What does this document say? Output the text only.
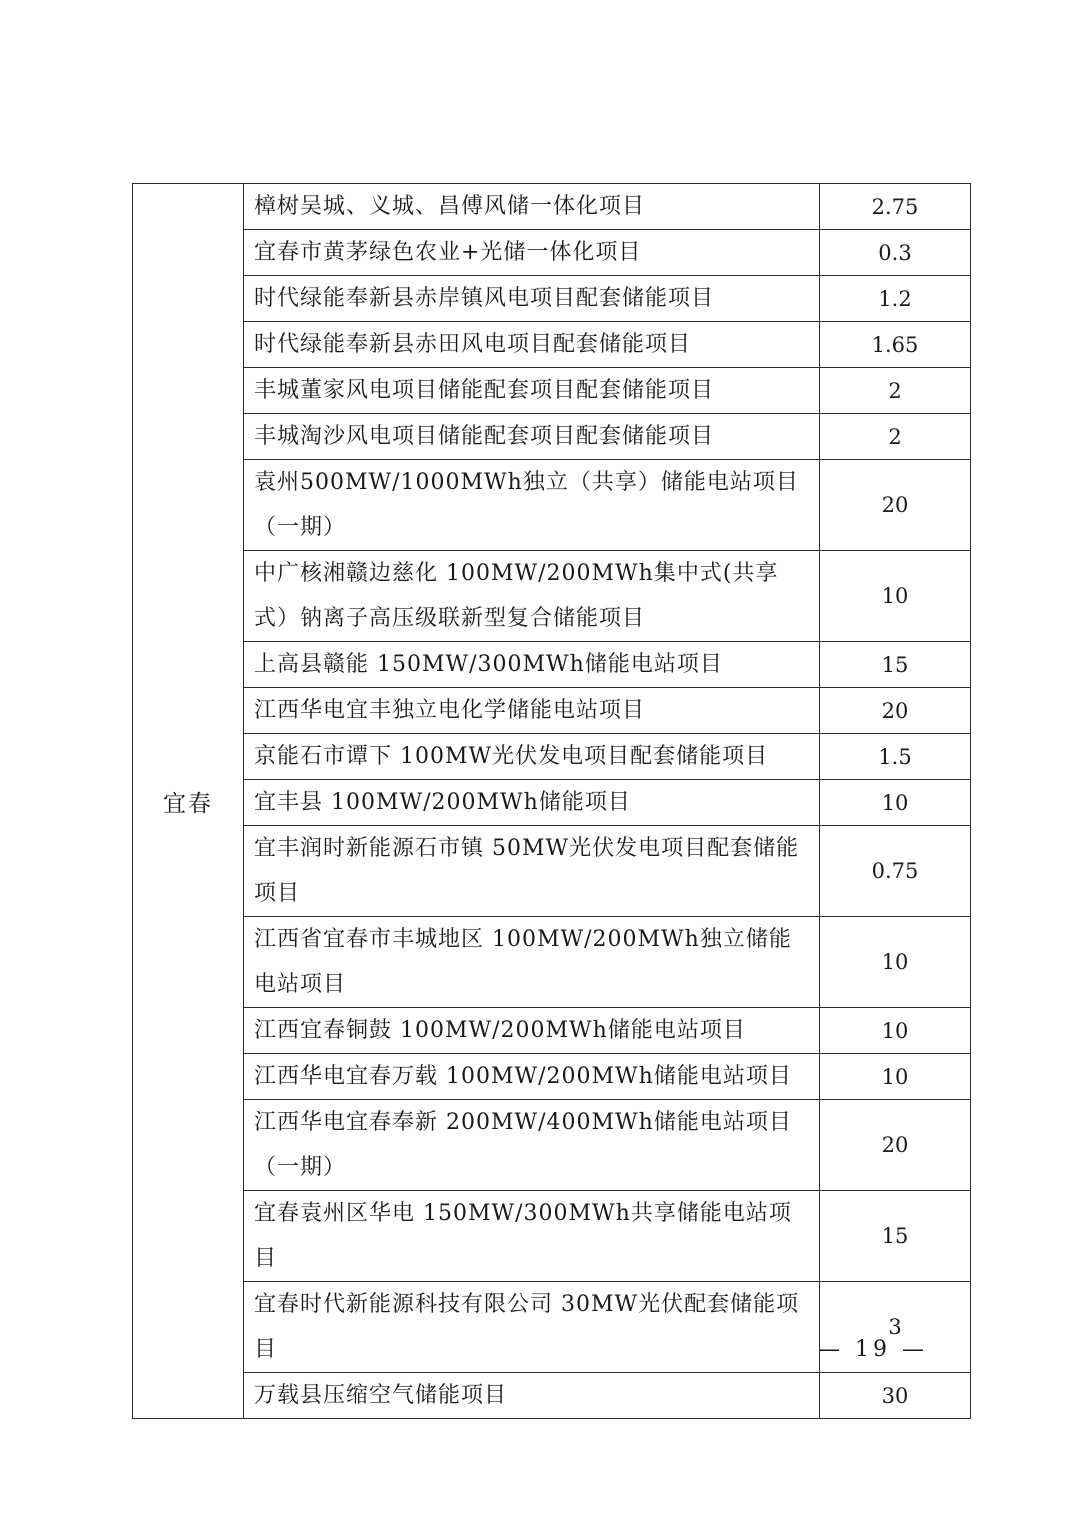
宜春	樟树吴城、义城、昌傅风储一体化项目	2.75
	宜春市黄茅绿色农业+光储一体化项目	0.3
	时代绿能奉新县赤岸镇风电项目配套储能项目	1.2
	时代绿能奉新县赤田风电项目配套储能项目	1.65
	丰城董家风电项目储能配套项目配套储能项目	2
	丰城淘沙风电项目储能配套项目配套储能项目	2
	袁州500MW/1000MWh独立（共享）储能电站项目（一期）	20
	中广核湘赣边慈化 100MW/200MWh集中式(共享式）钠离子高压级联新型复合储能项目	10
	上高县赣能 150MW/300MWh储能电站项目	15
	江西华电宜丰独立电化学储能电站项目	20
	京能石市谭下 100MW光伏发电项目配套储能项目	1.5
	宜丰县 100MW/200MWh储能项目	10
	宜丰润时新能源石市镇 50MW光伏发电项目配套储能项目	0.75
	江西省宜春市丰城地区 100MW/200MWh独立储能电站项目	10
	江西宜春铜鼓 100MW/200MWh储能电站项目	10
	江西华电宜春万载 100MW/200MWh储能电站项目	10
	江西华电宜春奉新 200MW/400MWh储能电站项目（一期）	20
	宜春袁州区华电 150MW/300MWh共享储能电站项目	15
	宜春时代新能源科技有限公司 30MW光伏配套储能项目	3
	万载县压缩空气储能项目	30
— 19 —
